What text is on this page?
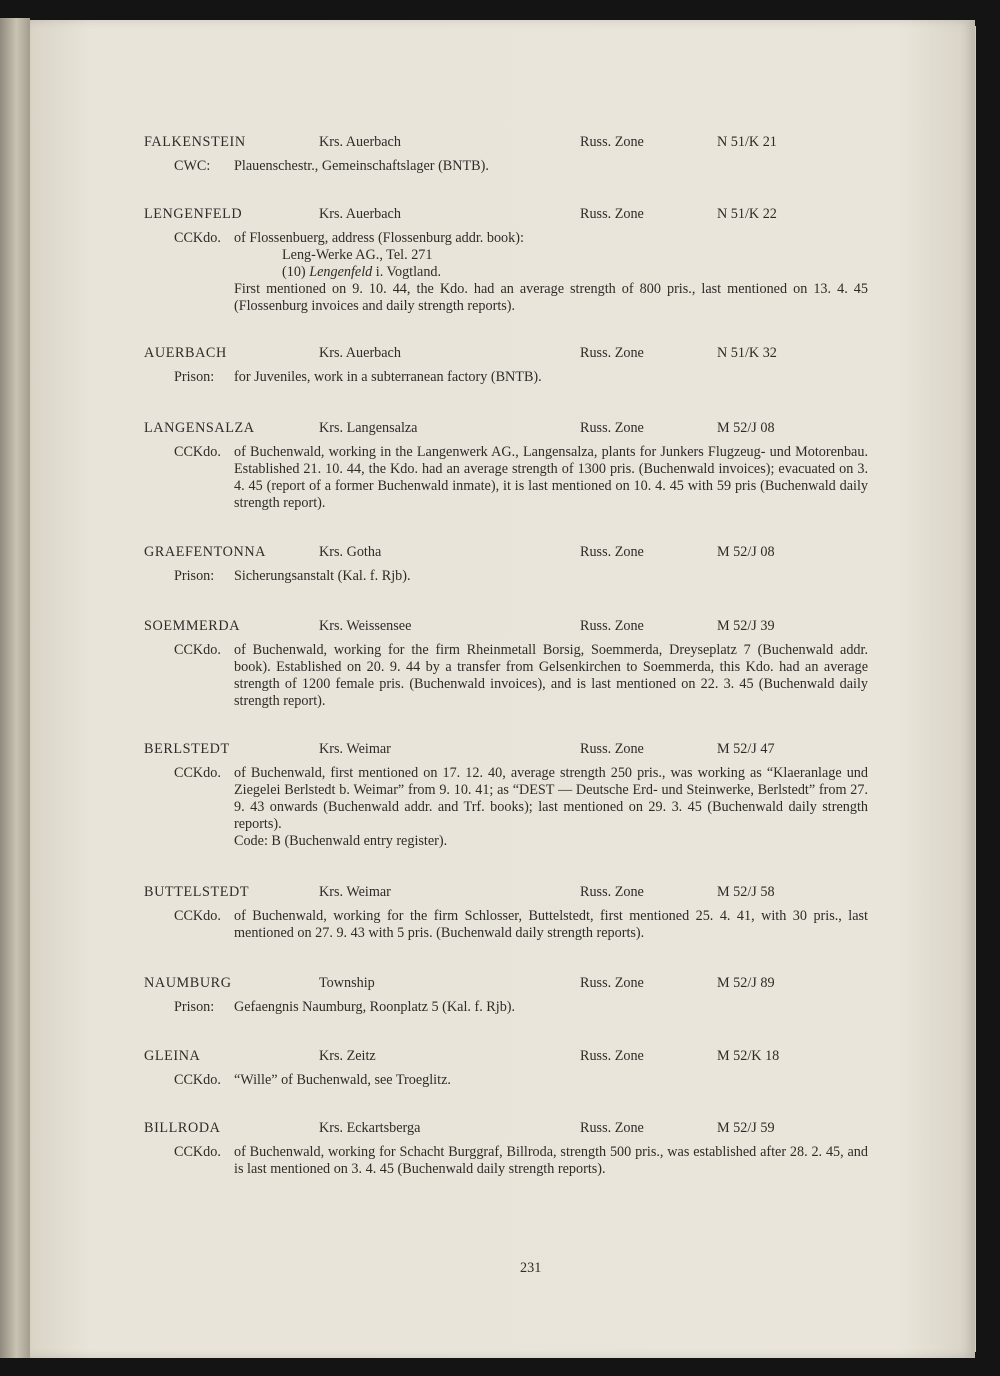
FALKENSTEIN	Krs. Auerbach	Russ. Zone	N 51/K 21
CWC: Plauenschestr., Gemeinschaftslager (BNTB).
LENGENFELD	Krs. Auerbach	Russ. Zone	N 51/K 22
CCKdo. of Flossenbuerg, address (Flossenburg addr. book):
Leng-Werke AG., Tel. 271
(10) Lengenfeld i. Vogtland.
First mentioned on 9. 10. 44, the Kdo. had an average strength of 800 pris., last mentioned on 13. 4. 45 (Flossenburg invoices and daily strength reports).
AUERBACH	Krs. Auerbach	Russ. Zone	N 51/K 32
Prison: for Juveniles, work in a subterranean factory (BNTB).
LANGENSALZA	Krs. Langensalza	Russ. Zone	M 52/J 08
CCKdo. of Buchenwald, working in the Langenwerk AG., Langensalza, plants for Junkers Flugzeug- und Motorenbau. Established 21. 10. 44, the Kdo. had an average strength of 1300 pris. (Buchenwald invoices); evacuated on 3. 4. 45 (report of a former Buchenwald inmate), it is last mentioned on 10. 4. 45 with 59 pris (Buchenwald daily strength report).
GRAEFENTONNA	Krs. Gotha	Russ. Zone	M 52/J 08
Prison: Sicherungsanstalt (Kal. f. Rjb).
SOEMMERDA	Krs. Weissensee	Russ. Zone	M 52/J 39
CCKdo. of Buchenwald, working for the firm Rheinmetall Borsig, Soemmerda, Dreyseplatz 7 (Buchenwald addr. book). Established on 20. 9. 44 by a transfer from Gelsenkirchen to Soemmerda, this Kdo. had an average strength of 1200 female pris. (Buchenwald invoices), and is last mentioned on 22. 3. 45 (Buchenwald daily strength report).
BERLSTEDT	Krs. Weimar	Russ. Zone	M 52/J 47
CCKdo. of Buchenwald, first mentioned on 17. 12. 40, average strength 250 pris., was working as “Klaeranlage und Ziegelei Berlstedt b. Weimar” from 9. 10. 41; as “DEST — Deutsche Erd- und Steinwerke, Berlstedt” from 27. 9. 43 onwards (Buchenwald addr. and Trf. books); last mentioned on 29. 3. 45 (Buchenwald daily strength reports).
Code: B (Buchenwald entry register).
BUTTELSTEDT	Krs. Weimar	Russ. Zone	M 52/J 58
CCKdo. of Buchenwald, working for the firm Schlosser, Buttelstedt, first mentioned 25. 4. 41, with 30 pris., last mentioned on 27. 9. 43 with 5 pris. (Buchenwald daily strength reports).
NAUMBURG	Township	Russ. Zone	M 52/J 89
Prison: Gefaengnis Naumburg, Roonplatz 5 (Kal. f. Rjb).
GLEINA	Krs. Zeitz	Russ. Zone	M 52/K 18
CCKdo. “Wille” of Buchenwald, see Troeglitz.
BILLRODA	Krs. Eckartsberga	Russ. Zone	M 52/J 59
CCKdo. of Buchenwald, working for Schacht Burggraf, Billroda, strength 500 pris., was established after 28. 2. 45, and is last mentioned on 3. 4. 45 (Buchenwald daily strength reports).
231
